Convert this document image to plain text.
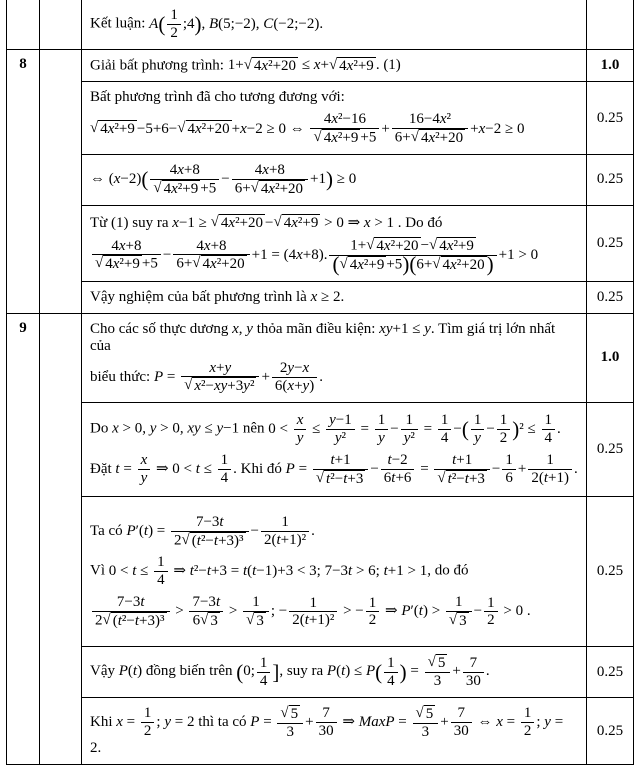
		Kết luận: $A( \frac{1}{2}$ ;4), B(5;−2), C(−2;−2).	

8		Giải bất phương trình: 1+ √ 4x²+20 ≤ x+ √ 4x²+9 . (1)	1.0

Bất phương trình đã cho tương đương với:
√ 4x²+9 −5+6− √ 4x²+20 +x−2 ≥ 0 ⇔ $\frac{\text{4x²−16}}{\text{√ 4x²+9 +5}} + \frac{\text{16−4x²}}{\text{6+ √ 4x²+20}} +x-2 \ge 0$
	0.25

⇔ $(x-2)( \frac{4x+8}{\text{√ 4x²+9 +5}} - \frac{4x+8}{\text{6+ √ 4x²+20}} +1) \ge 0$	0.25

Từ (1) suy ra x−1 ≥ √ 4x²+20 − √ 4x²+9 > 0 ⇒ x > 1 . Do đó
$\frac{4x+8}{\text{√ 4x²+9 +5}} - \frac{4x+8}{\text{6+ √ 4x²+20}} +1 = (4x+8)$. $\frac{\text{1+ √ 4x²+20 − √ 4x²+9}}{\text{( √ 4x²+9 +5)(6+ √ 4x²+20 )}} +1 > 0$
	0.25

		Vậy nghiệm của bất phương trình là x ≥ 2.	0.25
9		Cho các số thực dương x, y thỏa mãn điều kiện: xy+1 ≤ y. Tìm giá trị lớn nhất của
biểu thức: $P = \frac{x+y}{\text{√ x²−xy+3y²}} + \frac{2y-x}{6(x+y)}$ .
	1.0

Do x > 0, y > 0, xy ≤ y−1 nên $0 < \frac{x}{y} \le \frac{y-1}{\text{y²}} = \frac{1}{y} - \frac{1}{\text{y²}} = \frac{1}{4}$ −( $\frac{1}{y} - \frac{1}{2} )^2 \le \frac{1}{4}$ .
Đặt $t = \frac{x}{y}$ ⇒ $0 < t \le \frac{1}{4}$ . Khi đó $P = \frac{t+1}{\text{√ t²−t+3}} - \frac{t-2}{6t+6} = \frac{t+1}{\text{√ t²−t+3}} - \frac{1}{6} + \frac{1}{2(t+1)}$ .
	0.25

Ta có $P'(t) = \frac{7-3t}{\text{2 √ (t²−t+3)³}} - \frac{1}{\text{2(t+1)²}}$ .
Vì $0 < t \le \frac{1}{4}$ ⇒ t²−t+3 = t(t−1)+3 < 3; 7−3t > 6; t+1 > 1, do đó
$\frac{7-3t}{\text{2 √ (t²−t+3)³}} > \frac{7-3t}{6 √ 3} > \frac{1}{√ 3}$ ; − $\frac{1}{\text{2(t+1)²}}$ > − $\frac{1}{2}$ ⇒ $P'(t) > \frac{1}{√ 3} - \frac{1}{2} > 0$ .
	0.25

Vậy P(t) đồng biến trên (0; $\frac{1}{4}$ ], suy ra $P(t) \le P( \frac{1}{4}$ ) = $\frac{√ 5}{3} + \frac{7}{30}$ .	0.25

Khi $x = \frac{1}{2}$ ; y = 2 thì ta có $P = \frac{√ 5}{3} + \frac{7}{30}$ ⇒ MaxP = $\frac{√ 5}{3} + \frac{7}{30}$ ⇔ $x = \frac{1}{2}$ ; y = 2.
	0.25
